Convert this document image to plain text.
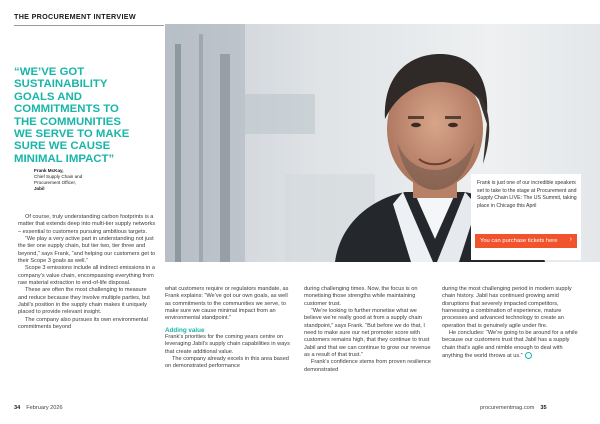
THE PROCUREMENT INTERVIEW
“WE’VE GOT
SUSTAINABILITY
GOALS AND
COMMITMENTS TO
THE COMMUNITIES
WE SERVE TO MAKE
SURE WE CAUSE
MINIMAL IMPACT”
Frank McKay,
Chief Supply Chain and
Procurement Officer,
Jabil
Frank is just one of our incredible speakers set to take to the stage at Procurement and Supply Chain LIVE: The US Summit, taking place in Chicago this April
You can purchase tickets here ›

Of course, truly understanding carbon footprints is a matter that extends deep into multi-tier supply networks – essential to customers pursuing ambitious targets.

“We play a very active part in understanding not just the tier one supply chain, but tier two, tier three and beyond,” says Frank, “and helping our customers get to their Scope 3 goals as well.”

Scope 3 emissions include all indirect emissions in a company’s value chain, encompassing everything from raw material extraction to end-of-life disposal.

These are often the most challenging to measure and reduce because they involve multiple parties, but Jabil’s position in the supply chain makes it uniquely placed to provide relevant insight.

The company also pursues its own environmental commitments beyond

what customers require or regulators mandate, as Frank explains: “We’ve got our own goals, as well as commitments to the communities we serve, to make sure we cause minimal impact from an environmental standpoint.”

Adding value

Frank’s priorities for the coming years centre on leveraging Jabil’s supply chain capabilities in ways that create additional value.

The company already excels in this area based on demonstrated performance

during challenging times. Now, the focus is on monetising those strengths while maintaining customer trust.

“We’re looking to further monetise what we believe we’re really good at from a supply chain standpoint,” says Frank. “But before we do that, I need to make sure our net promoter score with customers remains high, that they continue to trust Jabil and that we can continue to grow our revenue as a result of that trust.”

Frank’s confidence stems from proven resilience demonstrated

during the most challenging period in modern supply chain history. Jabil has continued growing amid disruptions that severely impacted competitors, harnessing a combination of experience, mature processes and advanced technology to create an operation that is genuinely agile under fire.

He concludes: “We’re going to be around for a while because our customers trust that Jabil has a supply chain that’s agile and nimble enough to deal with anything the world throws at us.”

34 February 2026	procurementmag.com 35
